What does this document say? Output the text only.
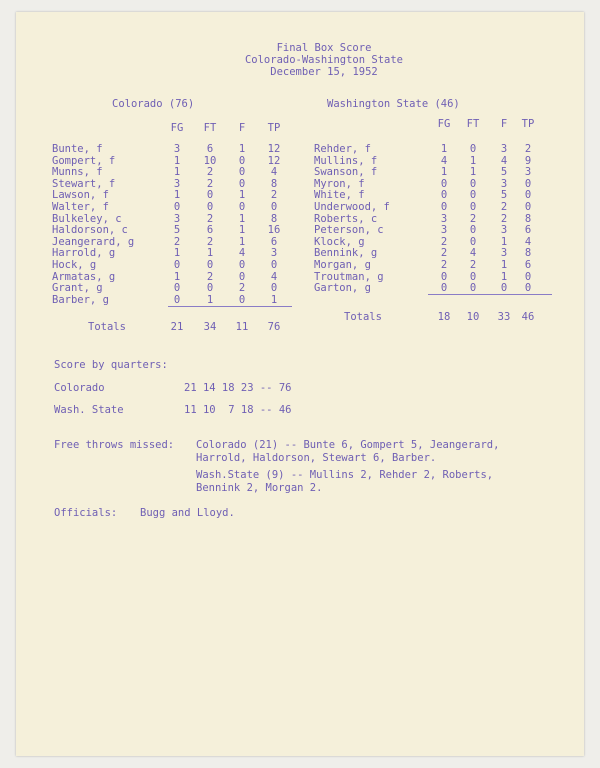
Final Box Score
Colorado-Washington State
December 15, 1952
Colorado (76)	Washington State (46)
FG	FT	F	TP	FG	FT	F	TP
Bunte, f	3	6	1	12
Gompert, f	1	10	0	12
Munns, f	1	2	0	4
Stewart, f	3	2	0	8
Lawson, f	1	0	1	2
Walter, f	0	0	0	0
Bulkeley, c	3	2	1	8
Haldorson, c	5	6	1	16
Jeangerard, g	2	2	1	6
Harrold, g	1	1	4	3
Hock, g	0	0	0	0
Armatas, g	1	2	0	4
Grant, g	0	0	2	0
Barber, g	0	1	0	1
Rehder, f	1	0	3	2
Mullins, f	4	1	4	9
Swanson, f	1	1	5	3
Myron, f	0	0	3	0
White, f	0	0	5	0
Underwood, f	0	0	2	0
Roberts, c	3	2	2	8
Peterson, c	3	0	3	6
Klock, g	2	0	1	4
Bennink, g	2	4	3	8
Morgan, g	2	2	1	6
Troutman, g	0	0	1	0
Garton, g	0	0	0	0
Totals	21	34	11	76
Totals	18	10	33	46
Score by quarters:
Colorado	21 14 18 23 -- 76
Wash. State	11 10  7 18 -- 46
Free throws missed: Colorado (21) -- Bunte 6, Gompert 5, Jeangerard,
Harrold, Haldorson, Stewart 6, Barber.
Wash.State (9) -- Mullins 2, Rehder 2, Roberts,
Bennink 2, Morgan 2.
Officials: Bugg and Lloyd.
